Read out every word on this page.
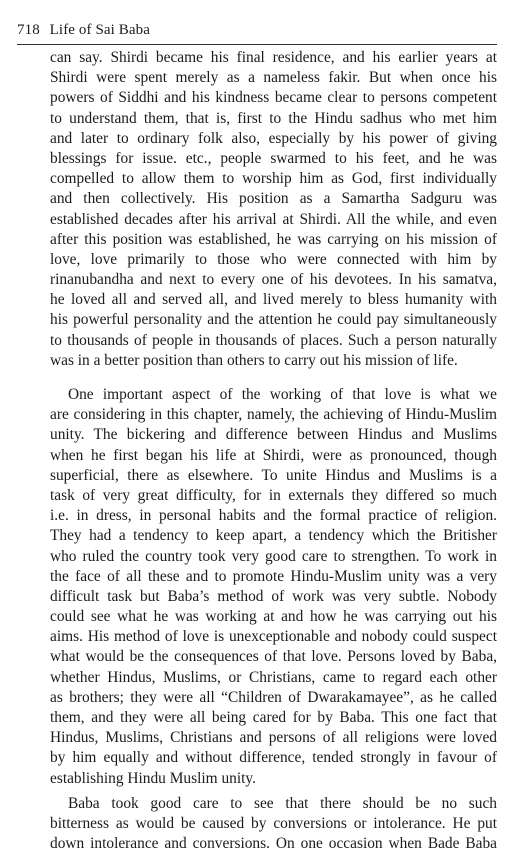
718 Life of Sai Baba
can say. Shirdi became his final residence, and his earlier years at
Shirdi were spent merely as a nameless fakir. But when once his
powers of Siddhi and his kindness became clear to persons competent
to understand them, that is, first to the Hindu sadhus who met him
and later to ordinary folk also, especially by his power of giving
blessings for issue. etc., people swarmed to his feet, and he was
compelled to allow them to worship him as God, first individually
and then collectively. His position as a Samartha Sadguru was
established decades after his arrival at Shirdi. All the while, and even
after this position was established, he was carrying on his mission of
love, love primarily to those who were connected with him by
rinanubandha and next to every one of his devotees. In his samatva,
he loved all and served all, and lived merely to bless humanity with
his powerful personality and the attention he could pay simultaneously
to thousands of people in thousands of places. Such a person naturally
was in a better position than others to carry out his mission of life.
One important aspect of the working of that love is what we
are considering in this chapter, namely, the achieving of Hindu-Muslim
unity. The bickering and difference between Hindus and Muslims
when he first began his life at Shirdi, were as pronounced, though
superficial, there as elsewhere. To unite Hindus and Muslims is a
task of very great difficulty, for in externals they differed so much
i.e. in dress, in personal habits and the formal practice of religion.
They had a tendency to keep apart, a tendency which the Britisher
who ruled the country took very good care to strengthen. To work in
the face of all these and to promote Hindu-Muslim unity was a very
difficult task but Baba’s method of work was very subtle. Nobody
could see what he was working at and how he was carrying out his
aims. His method of love is unexceptionable and nobody could suspect
what would be the consequences of that love. Persons loved by Baba,
whether Hindus, Muslims, or Christians, came to regard each other
as brothers; they were all “Children of Dwarakamayee”, as he called
them, and they were all being cared for by Baba. This one fact that
Hindus, Muslims, Christians and persons of all religions were loved
by him equally and without difference, tended strongly in favour of
establishing Hindu Muslim unity.
Baba took good care to see that there should be no such
bitterness as would be caused by conversions or intolerance. He put
down intolerance and conversions. On one occasion when Bade Baba
